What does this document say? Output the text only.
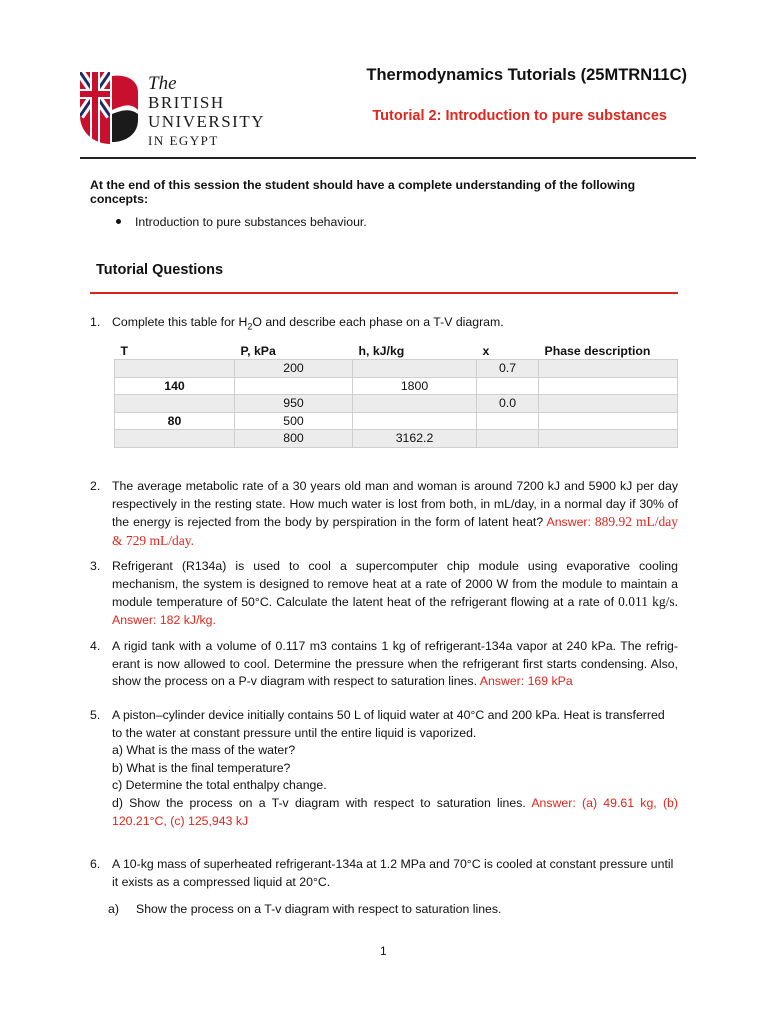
The
BRITISH
UNIVERSITY
IN EGYPT
Thermodynamics Tutorials (25MTRN11C)
Tutorial 2: Introduction to pure substances
At the end of this session the student should have a complete understanding of the following concepts:
Introduction to pure substances behaviour.
Tutorial Questions
1. Complete this table for $H_2O$ and describe each phase on a T-V diagram.
T	P, kPa	h, kJ/kg	x	Phase description
	200		0.7	
140		1800		
	950		0.0	
80	500			
	800	3162.2		
2. The average metabolic rate of a 30 years old man and woman is around 7200 kJ and 5900 kJ per day respectively in the resting state. How much water is lost from both, in mL/day, in a normal day if 30% of the energy is rejected from the body by perspiration in the form of latent heat? Answer: 889.92 mL/day & 729 mL/day.
3. Refrigerant (R134a) is used to cool a supercomputer chip module using evaporative cooling mechanism, the system is designed to remove heat at a rate of 2000 W from the module to maintain a module temperature of 50°C. Calculate the latent heat of the refrigerant flowing at a rate of 0.011 kg/s. Answer: 182 kJ/kg.
4. A rigid tank with a volume of 0.117 m3 contains 1 kg of refrigerant-134a vapor at 240 kPa. The refrig-erant is now allowed to cool. Determine the pressure when the refrigerant first starts condensing. Also, show the process on a P-v diagram with respect to saturation lines. Answer: 169 kPa
5. A piston–cylinder device initially contains 50 L of liquid water at 40°C and 200 kPa. Heat is transferred to the water at constant pressure until the entire liquid is vaporized.
a) What is the mass of the water?
b) What is the final temperature?
c) Determine the total enthalpy change.
d) Show the process on a T-v diagram with respect to saturation lines. Answer: (a) 49.61 kg, (b) 120.21°C, (c) 125,943 kJ
6. A 10-kg mass of superheated refrigerant-134a at 1.2 MPa and 70°C is cooled at constant pressure until it exists as a compressed liquid at 20°C.
a) Show the process on a T-v diagram with respect to saturation lines.
1
